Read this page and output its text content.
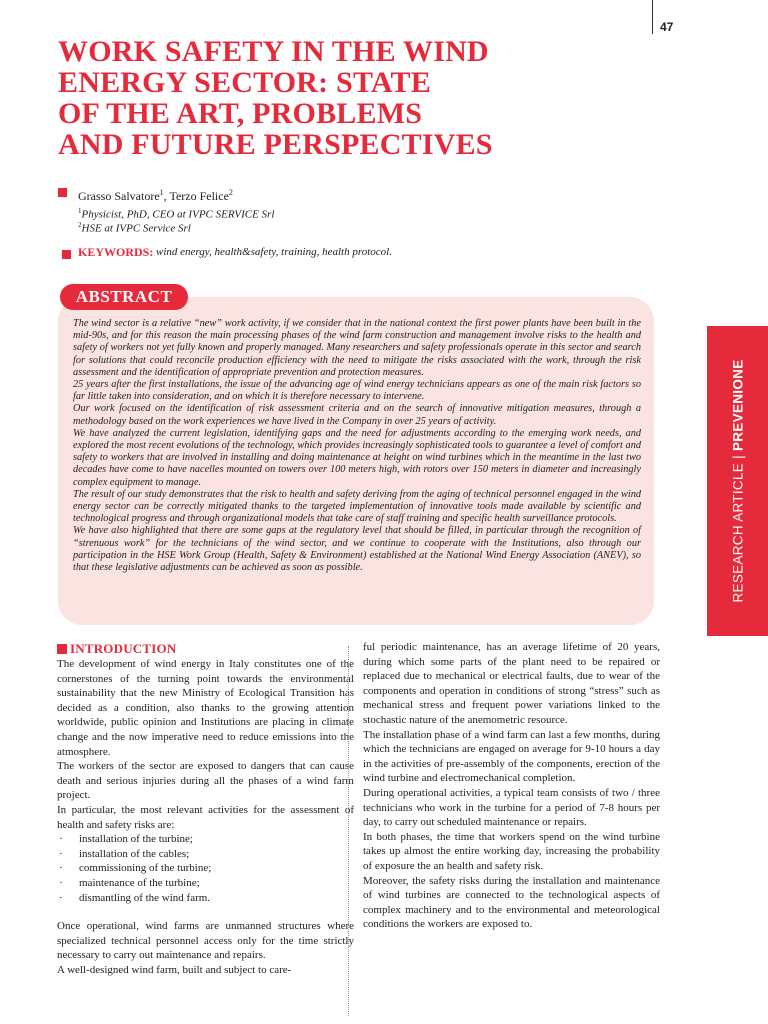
47
WORK SAFETY IN THE WIND
ENERGY SECTOR: STATE
OF THE ART, PROBLEMS
AND FUTURE PERSPECTIVES
Grasso Salvatore$^1$, Terzo Felice$^2$
$^1$Physicist, PhD, CEO at IVPC SERVICE Srl
$^2$HSE at IVPC Service Srl
KEYWORDS: wind energy, health&safety, training, health protocol.
ABSTRACT

The wind sector is a relative “new” work activity, if we consider that in the national context the first power plants have been built in the mid-90s, and for this reason the main processing phases of the wind farm construction and management involve risks to the health and safety of workers not yet fully known and properly managed. Many researchers and safety professionals operate in this sector and search for solutions that could reconcile production efficiency with the need to mitigate the risks associated with the work, through the risk assessment and the identification of appropriate prevention and protection measures.

25 years after the first installations, the issue of the advancing age of wind energy technicians appears as one of the main risk factors so far little taken into consideration, and on which it is therefore necessary to intervene.

Our work focused on the identification of risk assessment criteria and on the search of innovative mitigation measures, through a methodology based on the work experiences we have lived in the Company in over 25 years of activity.

We have analyzed the current legislation, identifying gaps and the need for adjustments according to the emerging work needs, and explored the most recent evolutions of the technology, which provides increasingly sophisticated tools to guarantee a level of comfort and safety to workers that are involved in installing and doing maintenance at height on wind turbines which in the meantime in the last two decades have come to have nacelles mounted on towers over 100 meters high, with rotors over 150 meters in diameter and increasingly complex equipment to manage.

The result of our study demonstrates that the risk to health and safety deriving from the aging of technical personnel engaged in the wind energy sector can be correctly mitigated thanks to the targeted implementation of innovative tools made available by scientific and technological progress and through organizational models that take care of staff training and specific health surveillance protocols.

We have also highlighted that there are some gaps at the regulatory level that should be filled, in particular through the recognition of “strenuous work” for the technicians of the wind sector, and we continue to cooperate with the Institutions, also through our participation in the HSE Work Group (Health, Safety & Environment) established at the National Wind Energy Association (ANEV), so that these legislative adjustments can be achieved as soon as possible.	RESEARCH ARTICLE | PREVENIONE
INTRODUCTION

The development of wind energy in Italy constitutes one of the cornerstones of the turning point towards the environmental sustainability that the new Ministry of Ecological Transition has decided as a condition, also thanks to the growing attention worldwide, public opinion and Institutions are placing in climate change and the now imperative need to reduce emissions into the atmosphere.

The workers of the sector are exposed to dangers that can cause death and serious injuries during all the phases of a wind farm project.

In particular, the most relevant activities for the assessment of health and safety risks are:

· installation of the turbine;
· installation of the cables;
· commissioning of the turbine;
· maintenance of the turbine;
· dismantling of the wind farm.

Once operational, wind farms are unmanned structures where specialized technical personnel access only for the time strictly necessary to carry out maintenance and repairs.

A well-designed wind farm, built and subject to care-

ful periodic maintenance, has an average lifetime of 20 years, during which some parts of the plant need to be repaired or replaced due to mechanical or electrical faults, due to wear of the components and operation in conditions of strong “stress” such as mechanical stress and frequent power variations linked to the stochastic nature of the anemometric resource.

The installation phase of a wind farm can last a few months, during which the technicians are engaged on average for 9-10 hours a day in the activities of pre-assembly of the components, erection of the wind turbine and electromechanical completion.

During operational activities, a typical team consists of two / three technicians who work in the turbine for a period of 7-8 hours per day, to carry out scheduled maintenance or repairs.

In both phases, the time that workers spend on the wind turbine takes up almost the entire working day, increasing the probability of exposure the an health and safety risk.

Moreover, the safety risks during the installation and maintenance of wind turbines are connected to the technological aspects of complex machinery and to the environmental and meteorological conditions the workers are exposed to.
